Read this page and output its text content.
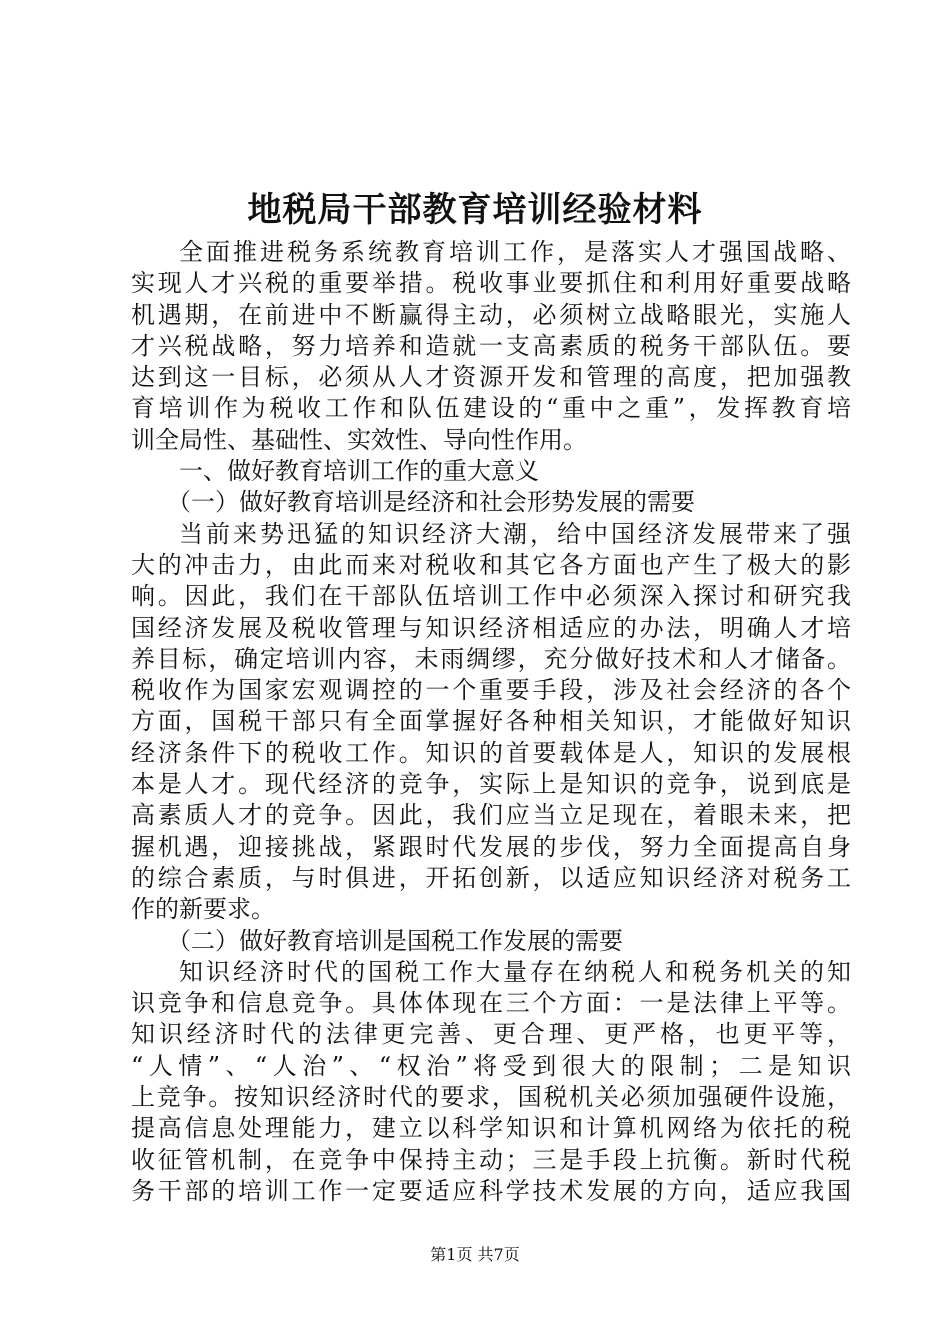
地税局干部教育培训经验材料
全面推进税务系统教育培训工作，是落实人才强国战略、
实现人才兴税的重要举措。税收事业要抓住和利用好重要战略
机遇期，在前进中不断赢得主动，必须树立战略眼光，实施人
才兴税战略，努力培养和造就一支高素质的税务干部队伍。要
达到这一目标，必须从人才资源开发和管理的高度，把加强教
育培训作为税收工作和队伍建设的“重中之重”，发挥教育培
训全局性、基础性、实效性、导向性作用。
一、做好教育培训工作的重大意义
（一）做好教育培训是经济和社会形势发展的需要
当前来势迅猛的知识经济大潮，给中国经济发展带来了强
大的冲击力，由此而来对税收和其它各方面也产生了极大的影
响。因此，我们在干部队伍培训工作中必须深入探讨和研究我
国经济发展及税收管理与知识经济相适应的办法，明确人才培
养目标，确定培训内容，未雨绸缪，充分做好技术和人才储备。
税收作为国家宏观调控的一个重要手段，涉及社会经济的各个
方面，国税干部只有全面掌握好各种相关知识，才能做好知识
经济条件下的税收工作。知识的首要载体是人，知识的发展根
本是人才。现代经济的竞争，实际上是知识的竞争，说到底是
高素质人才的竞争。因此，我们应当立足现在，着眼未来，把
握机遇，迎接挑战，紧跟时代发展的步伐，努力全面提高自身
的综合素质，与时俱进，开拓创新，以适应知识经济对税务工
作的新要求。
（二）做好教育培训是国税工作发展的需要
知识经济时代的国税工作大量存在纳税人和税务机关的知
识竞争和信息竞争。具体体现在三个方面：一是法律上平等。
知识经济时代的法律更完善、更合理、更严格，也更平等，
“人情”、“人治”、“权治”将受到很大的限制；二是知识
上竞争。按知识经济时代的要求，国税机关必须加强硬件设施，
提高信息处理能力，建立以科学知识和计算机网络为依托的税
收征管机制，在竞争中保持主动；三是手段上抗衡。新时代税
务干部的培训工作一定要适应科学技术发展的方向，适应我国
第1页 共7页
